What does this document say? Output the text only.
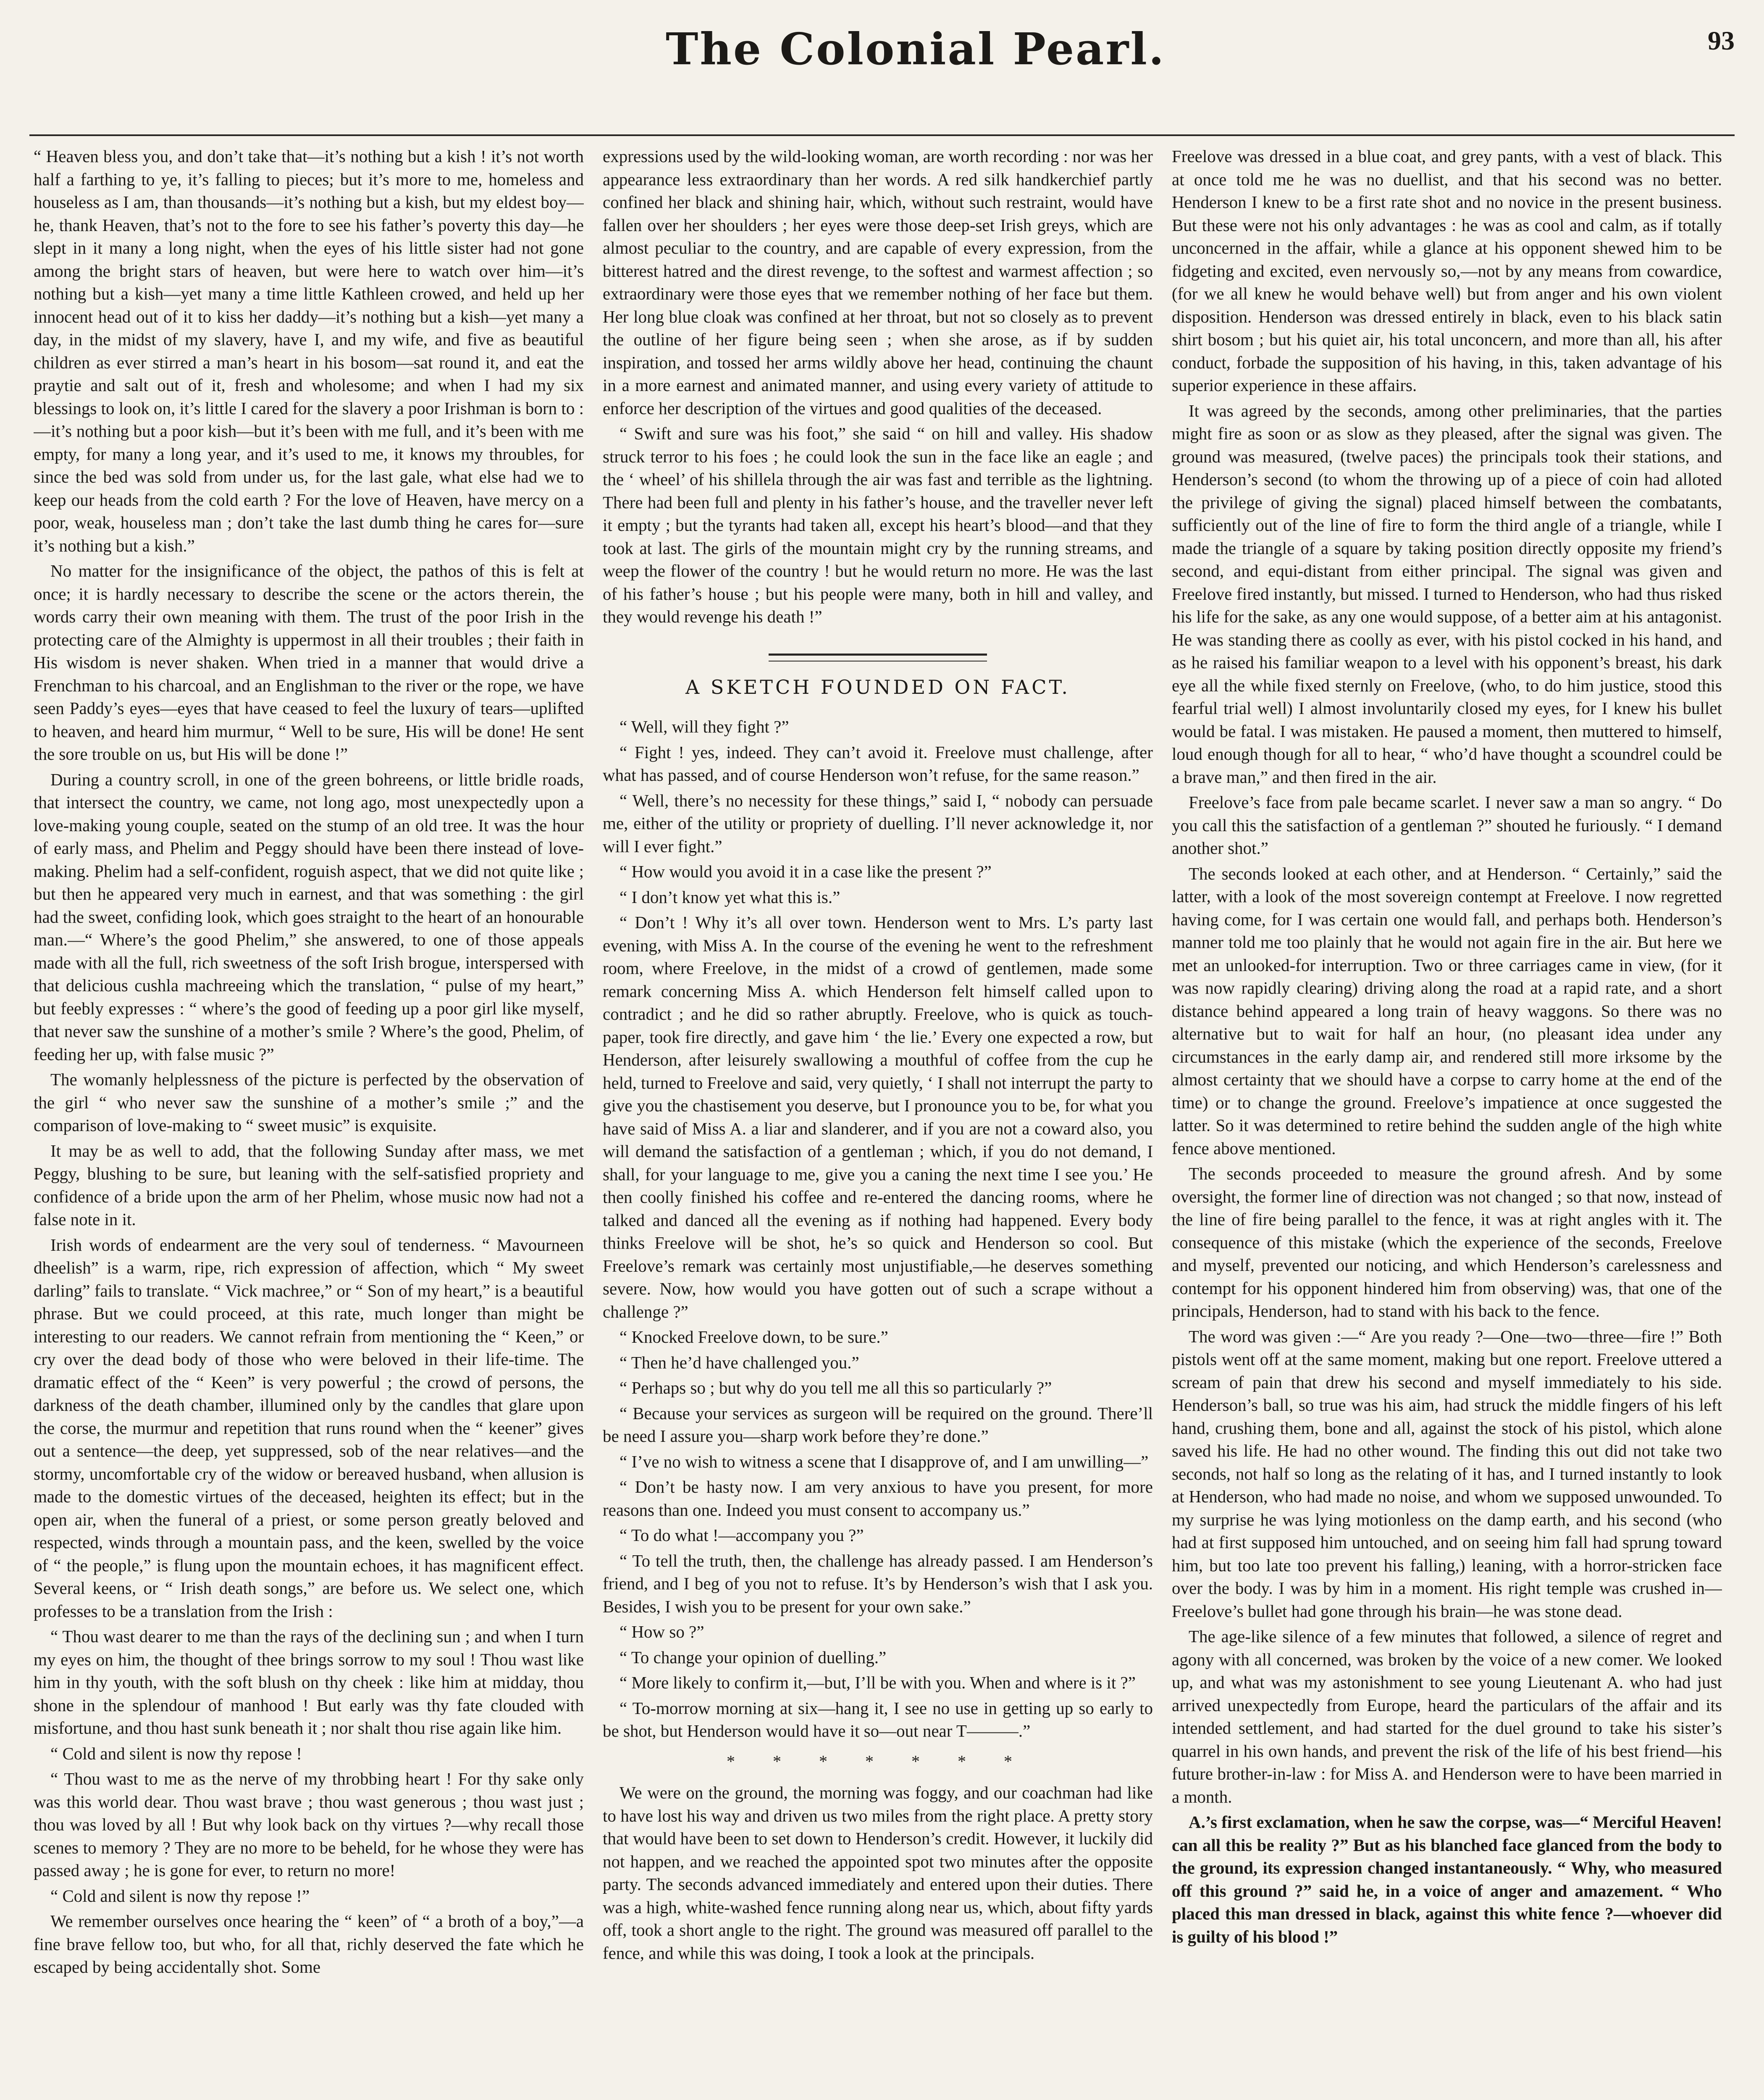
The Colonial Pearl.	93

“ Heaven bless you, and don’t take that—it’s nothing but a kish ! it’s not worth half a farthing to ye, it’s falling to pieces; but it’s more to me, homeless and houseless as I am, than thousands—it’s nothing but a kish, but my eldest boy—he, thank Heaven, that’s not to the fore to see his father’s poverty this day—he slept in it many a long night, when the eyes of his little sister had not gone among the bright stars of heaven, but were here to watch over him—it’s nothing but a kish—yet many a time little Kathleen crowed, and held up her innocent head out of it to kiss her daddy—it’s nothing but a kish—yet many a day, in the midst of my slavery, have I, and my wife, and five as beautiful children as ever stirred a man’s heart in his bosom—sat round it, and eat the praytie and salt out of it, fresh and wholesome; and when I had my six blessings to look on, it’s little I cared for the slavery a poor Irishman is born to :—it’s nothing but a poor kish—but it’s been with me full, and it’s been with me empty, for many a long year, and it’s used to me, it knows my throubles, for since the bed was sold from under us, for the last gale, what else had we to keep our heads from the cold earth ? For the love of Heaven, have mercy on a poor, weak, houseless man ; don’t take the last dumb thing he cares for—sure it’s nothing but a kish.”

No matter for the insignificance of the object, the pathos of this is felt at once; it is hardly necessary to describe the scene or the actors therein, the words carry their own meaning with them. The trust of the poor Irish in the protecting care of the Almighty is uppermost in all their troubles ; their faith in His wisdom is never shaken. When tried in a manner that would drive a Frenchman to his charcoal, and an Englishman to the river or the rope, we have seen Paddy’s eyes—eyes that have ceased to feel the luxury of tears—uplifted to heaven, and heard him murmur, “ Well to be sure, His will be done! He sent the sore trouble on us, but His will be done !”

During a country scroll, in one of the green bohreens, or little bridle roads, that intersect the country, we came, not long ago, most unexpectedly upon a love-making young couple, seated on the stump of an old tree. It was the hour of early mass, and Phelim and Peggy should have been there instead of love-making. Phelim had a self-confident, roguish aspect, that we did not quite like ; but then he appeared very much in earnest, and that was something : the girl had the sweet, confiding look, which goes straight to the heart of an honourable man.—“ Where’s the good Phelim,” she answered, to one of those appeals made with all the full, rich sweetness of the soft Irish brogue, interspersed with that delicious cushla machreeing which the translation, “ pulse of my heart,” but feebly expresses : “ where’s the good of feeding up a poor girl like myself, that never saw the sunshine of a mother’s smile ? Where’s the good, Phelim, of feeding her up, with false music ?”

The womanly helplessness of the picture is perfected by the observation of the girl “ who never saw the sunshine of a mother’s smile ;” and the comparison of love-making to “ sweet music” is exquisite.

It may be as well to add, that the following Sunday after mass, we met Peggy, blushing to be sure, but leaning with the self-satisfied propriety and confidence of a bride upon the arm of her Phelim, whose music now had not a false note in it.

Irish words of endearment are the very soul of tenderness. “ Mavourneen dheelish” is a warm, ripe, rich expression of affection, which “ My sweet darling” fails to translate. “ Vick machree,” or “ Son of my heart,” is a beautiful phrase. But we could proceed, at this rate, much longer than might be interesting to our readers. We cannot refrain from mentioning the “ Keen,” or cry over the dead body of those who were beloved in their life-time. The dramatic effect of the “ Keen” is very powerful ; the crowd of persons, the darkness of the death chamber, illumined only by the candles that glare upon the corse, the murmur and repetition that runs round when the “ keener” gives out a sentence—the deep, yet suppressed, sob of the near relatives—and the stormy, uncomfortable cry of the widow or bereaved husband, when allusion is made to the domestic virtues of the deceased, heighten its effect; but in the open air, when the funeral of a priest, or some person greatly beloved and respected, winds through a mountain pass, and the keen, swelled by the voice of “ the people,” is flung upon the mountain echoes, it has magnificent effect. Several keens, or “ Irish death songs,” are before us. We select one, which professes to be a translation from the Irish :

“ Thou wast dearer to me than the rays of the declining sun ; and when I turn my eyes on him, the thought of thee brings sorrow to my soul ! Thou wast like him in thy youth, with the soft blush on thy cheek : like him at midday, thou shone in the splendour of manhood ! But early was thy fate clouded with misfortune, and thou hast sunk beneath it ; nor shalt thou rise again like him.

“ Cold and silent is now thy repose !

“ Thou wast to me as the nerve of my throbbing heart ! For thy sake only was this world dear. Thou wast brave ; thou wast generous ; thou wast just ; thou was loved by all ! But why look back on thy virtues ?—why recall those scenes to memory ? They are no more to be beheld, for he whose they were has passed away ; he is gone for ever, to return no more!

“ Cold and silent is now thy repose !”

We remember ourselves once hearing the “ keen” of “ a broth of a boy,”—a fine brave fellow too, but who, for all that, richly deserved the fate which he escaped by being accidentally shot. Some

expressions used by the wild-looking woman, are worth recording : nor was her appearance less extraordinary than her words. A red silk handkerchief partly confined her black and shining hair, which, without such restraint, would have fallen over her shoulders ; her eyes were those deep-set Irish greys, which are almost peculiar to the country, and are capable of every expression, from the bitterest hatred and the direst revenge, to the softest and warmest affection ; so extraordinary were those eyes that we remember nothing of her face but them. Her long blue cloak was confined at her throat, but not so closely as to prevent the outline of her figure being seen ; when she arose, as if by sudden inspiration, and tossed her arms wildly above her head, continuing the chaunt in a more earnest and animated manner, and using every variety of attitude to enforce her description of the virtues and good qualities of the deceased.

“ Swift and sure was his foot,” she said “ on hill and valley. His shadow struck terror to his foes ; he could look the sun in the face like an eagle ; and the ‘ wheel’ of his shillela through the air was fast and terrible as the lightning. There had been full and plenty in his father’s house, and the traveller never left it empty ; but the tyrants had taken all, except his heart’s blood—and that they took at last. The girls of the mountain might cry by the running streams, and weep the flower of the country ! but he would return no more. He was the last of his father’s house ; but his people were many, both in hill and valley, and they would revenge his death !”

A SKETCH FOUNDED ON FACT.

“ Well, will they fight ?”

“ Fight ! yes, indeed. They can’t avoid it. Freelove must challenge, after what has passed, and of course Henderson won’t refuse, for the same reason.”

“ Well, there’s no necessity for these things,” said I, “ nobody can persuade me, either of the utility or propriety of duelling. I’ll never acknowledge it, nor will I ever fight.”

“ How would you avoid it in a case like the present ?”

“ I don’t know yet what this is.”

“ Don’t ! Why it’s all over town. Henderson went to Mrs. L’s party last evening, with Miss A. In the course of the evening he went to the refreshment room, where Freelove, in the midst of a crowd of gentlemen, made some remark concerning Miss A. which Henderson felt himself called upon to contradict ; and he did so rather abruptly. Freelove, who is quick as touch-paper, took fire directly, and gave him ‘ the lie.’ Every one expected a row, but Henderson, after leisurely swallowing a mouthful of coffee from the cup he held, turned to Freelove and said, very quietly, ‘ I shall not interrupt the party to give you the chastisement you deserve, but I pronounce you to be, for what you have said of Miss A. a liar and slanderer, and if you are not a coward also, you will demand the satisfaction of a gentleman ; which, if you do not demand, I shall, for your language to me, give you a caning the next time I see you.’ He then coolly finished his coffee and re-entered the dancing rooms, where he talked and danced all the evening as if nothing had happened. Every body thinks Freelove will be shot, he’s so quick and Henderson so cool. But Freelove’s remark was certainly most unjustifiable,—he deserves something severe. Now, how would you have gotten out of such a scrape without a challenge ?”

“ Knocked Freelove down, to be sure.”

“ Then he’d have challenged you.”

“ Perhaps so ; but why do you tell me all this so particularly ?”

“ Because your services as surgeon will be required on the ground. There’ll be need I assure you—sharp work before they’re done.”

“ I’ve no wish to witness a scene that I disapprove of, and I am unwilling—”

“ Don’t be hasty now. I am very anxious to have you present, for more reasons than one. Indeed you must consent to accompany us.”

“ To do what !—accompany you ?”

“ To tell the truth, then, the challenge has already passed. I am Henderson’s friend, and I beg of you not to refuse. It’s by Henderson’s wish that I ask you. Besides, I wish you to be present for your own sake.”

“ How so ?”

“ To change your opinion of duelling.”

“ More likely to confirm it,—but, I’ll be with you. When and where is it ?”

“ To-morrow morning at six—hang it, I see no use in getting up so early to be shot, but Henderson would have it so—out near T———.”

* * * * * * *

We were on the ground, the morning was foggy, and our coachman had like to have lost his way and driven us two miles from the right place. A pretty story that would have been to set down to Henderson’s credit. However, it luckily did not happen, and we reached the appointed spot two minutes after the opposite party. The seconds advanced immediately and entered upon their duties. There was a high, white-washed fence running along near us, which, about fifty yards off, took a short angle to the right. The ground was measured off parallel to the fence, and while this was doing, I took a look at the principals.

Freelove was dressed in a blue coat, and grey pants, with a vest of black. This at once told me he was no duellist, and that his second was no better. Henderson I knew to be a first rate shot and no novice in the present business. But these were not his only advantages : he was as cool and calm, as if totally unconcerned in the affair, while a glance at his opponent shewed him to be fidgeting and excited, even nervously so,—not by any means from cowardice, (for we all knew he would behave well) but from anger and his own violent disposition. Henderson was dressed entirely in black, even to his black satin shirt bosom ; but his quiet air, his total unconcern, and more than all, his after conduct, forbade the supposition of his having, in this, taken advantage of his superior experience in these affairs.

It was agreed by the seconds, among other preliminaries, that the parties might fire as soon or as slow as they pleased, after the signal was given. The ground was measured, (twelve paces) the principals took their stations, and Henderson’s second (to whom the throwing up of a piece of coin had alloted the privilege of giving the signal) placed himself between the combatants, sufficiently out of the line of fire to form the third angle of a triangle, while I made the triangle of a square by taking position directly opposite my friend’s second, and equi-distant from either principal. The signal was given and Freelove fired instantly, but missed. I turned to Henderson, who had thus risked his life for the sake, as any one would suppose, of a better aim at his antagonist. He was standing there as coolly as ever, with his pistol cocked in his hand, and as he raised his familiar weapon to a level with his opponent’s breast, his dark eye all the while fixed sternly on Freelove, (who, to do him justice, stood this fearful trial well) I almost involuntarily closed my eyes, for I knew his bullet would be fatal. I was mistaken. He paused a moment, then muttered to himself, loud enough though for all to hear, “ who’d have thought a scoundrel could be a brave man,” and then fired in the air.

Freelove’s face from pale became scarlet. I never saw a man so angry. “ Do you call this the satisfaction of a gentleman ?” shouted he furiously. “ I demand another shot.”

The seconds looked at each other, and at Henderson. “ Certainly,” said the latter, with a look of the most sovereign contempt at Freelove. I now regretted having come, for I was certain one would fall, and perhaps both. Henderson’s manner told me too plainly that he would not again fire in the air. But here we met an unlooked-for interruption. Two or three carriages came in view, (for it was now rapidly clearing) driving along the road at a rapid rate, and a short distance behind appeared a long train of heavy waggons. So there was no alternative but to wait for half an hour, (no pleasant idea under any circumstances in the early damp air, and rendered still more irksome by the almost certainty that we should have a corpse to carry home at the end of the time) or to change the ground. Freelove’s impatience at once suggested the latter. So it was determined to retire behind the sudden angle of the high white fence above mentioned.

The seconds proceeded to measure the ground afresh. And by some oversight, the former line of direction was not changed ; so that now, instead of the line of fire being parallel to the fence, it was at right angles with it. The consequence of this mistake (which the experience of the seconds, Freelove and myself, prevented our noticing, and which Henderson’s carelessness and contempt for his opponent hindered him from observing) was, that one of the principals, Henderson, had to stand with his back to the fence.

The word was given :—“ Are you ready ?—One—two—three—fire !” Both pistols went off at the same moment, making but one report. Freelove uttered a scream of pain that drew his second and myself immediately to his side. Henderson’s ball, so true was his aim, had struck the middle fingers of his left hand, crushing them, bone and all, against the stock of his pistol, which alone saved his life. He had no other wound. The finding this out did not take two seconds, not half so long as the relating of it has, and I turned instantly to look at Henderson, who had made no noise, and whom we supposed unwounded. To my surprise he was lying motionless on the damp earth, and his second (who had at first supposed him untouched, and on seeing him fall had sprung toward him, but too late too prevent his falling,) leaning, with a horror-stricken face over the body. I was by him in a moment. His right temple was crushed in—Freelove’s bullet had gone through his brain—he was stone dead.

The age-like silence of a few minutes that followed, a silence of regret and agony with all concerned, was broken by the voice of a new comer. We looked up, and what was my astonishment to see young Lieutenant A. who had just arrived unexpectedly from Europe, heard the particulars of the affair and its intended settlement, and had started for the duel ground to take his sister’s quarrel in his own hands, and prevent the risk of the life of his best friend—his future brother-in-law : for Miss A. and Henderson were to have been married in a month.

A.’s first exclamation, when he saw the corpse, was—“ Merciful Heaven! can all this be reality ?” But as his blanched face glanced from the body to the ground, its expression changed instantaneously. “ Why, who measured off this ground ?” said he, in a voice of anger and amazement. “ Who placed this man dressed in black, against this white fence ?—whoever did is guilty of his blood !”
